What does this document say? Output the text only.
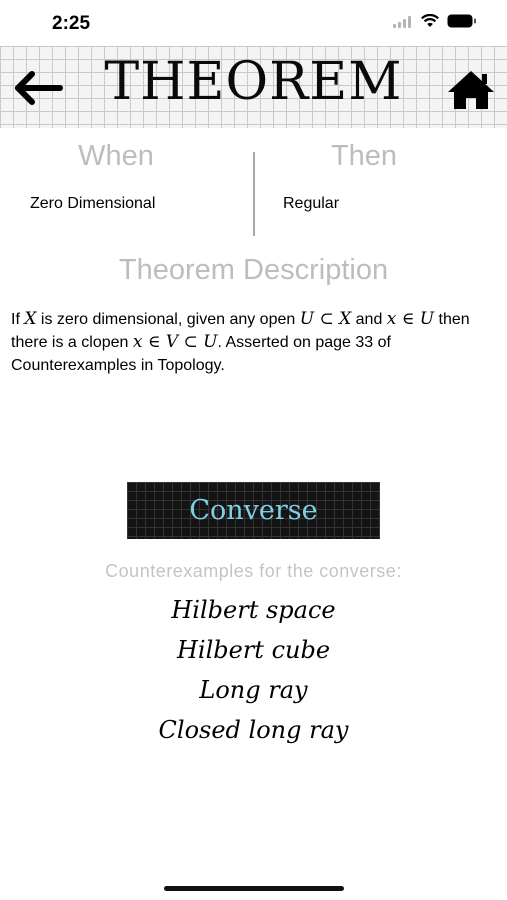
2:25
THEOREM
When	Then
Zero Dimensional	Regular
Theorem Description
If X is zero dimensional, given any open U ⊂ X and x ∈ U then there is a clopen x ∈ V ⊂ U. Asserted on page 33 of Counterexamples in Topology.
Converse
Counterexamples for the converse:
Hilbert space
Hilbert cube
Long ray
Closed long ray
